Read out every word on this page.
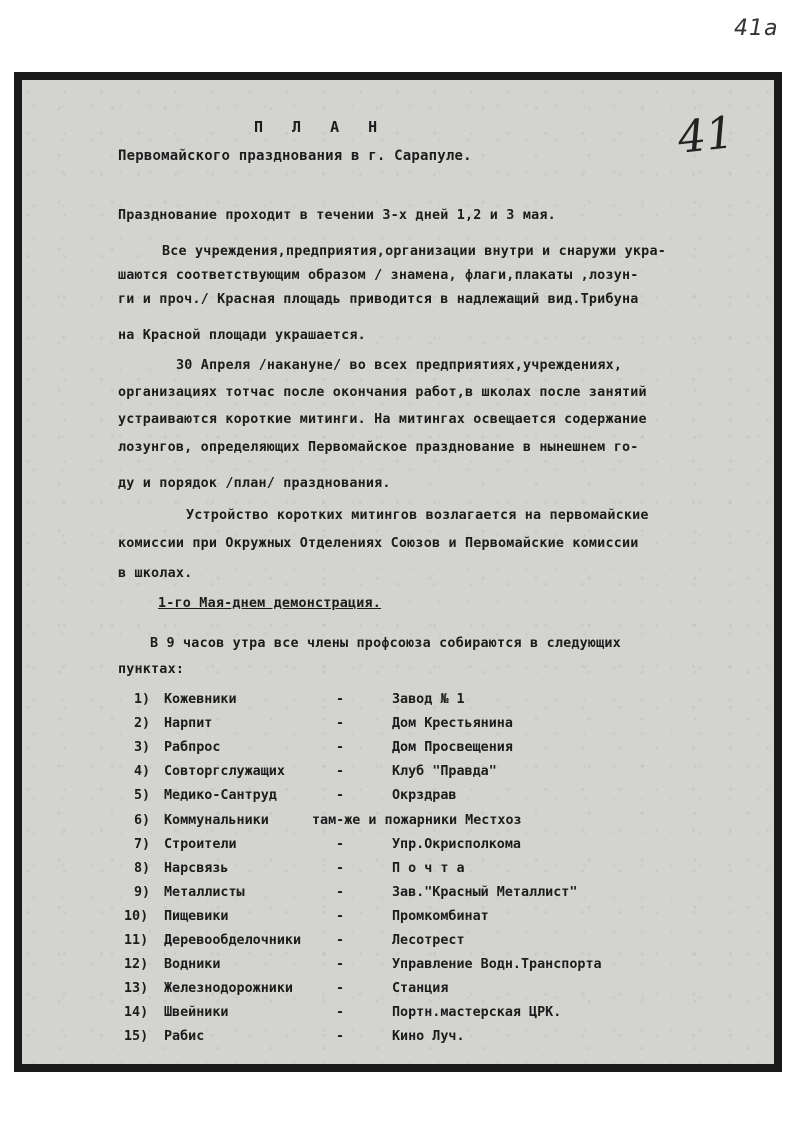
41а
41
П Л А Н
Первомайского празднования в г. Сарапуле.
Празднование проходит в течении 3-х дней 1,2 и 3 мая.
Все учреждения,предприятия,организации внутри и снаружи укра-
шаются соответствующим образом / знамена, флаги,плакаты ,лозун-
ги и проч./ Красная площадь приводится в надлежащий вид.Трибуна
на Красной площади украшается.
30 Апреля /накануне/ во всех предприятиях,учреждениях,
организациях тотчас после окончания работ,в школах после занятий
устраиваются короткие митинги. На митингах освещается содержание
лозунгов, определяющих Первомайское празднование в нынешнем го-
ду и порядок /план/ празднования.
Устройство коротких митингов возлагается на первомайские
комиссии при Окружных Отделениях Союзов и Первомайские комиссии
в школах.
1-го Мая-днем демонстрация.
В 9 часов утра все члены профсоюза собираются в следующих
пунктах:
1) Кожевники	-	Завод № 1
2) Нарпит	-	Дом Крестьянина
3) Рабпрос	-	Дом Просвещения
4) Совторгслужащих	-	Клуб "Правда"
5) Медико-Сантруд	-	Окрздрав
6) Коммунальники	там-же и пожарники Местхоз
7) Строители	-	Упр.Окрисполкома
8) Нарсвязь	-	П о ч т а
9) Металлисты	-	Зав."Красный Металлист"
10) Пищевики	-	Промкомбинат
11) Деревообделочники	-	Лесотрест
12) Водники	-	Управление Водн.Транспорта
13) Железнодорожники	-	Станция
14) Швейники	-	Портн.мастерская ЦРК.
15) Рабис	-	Кино Луч.
